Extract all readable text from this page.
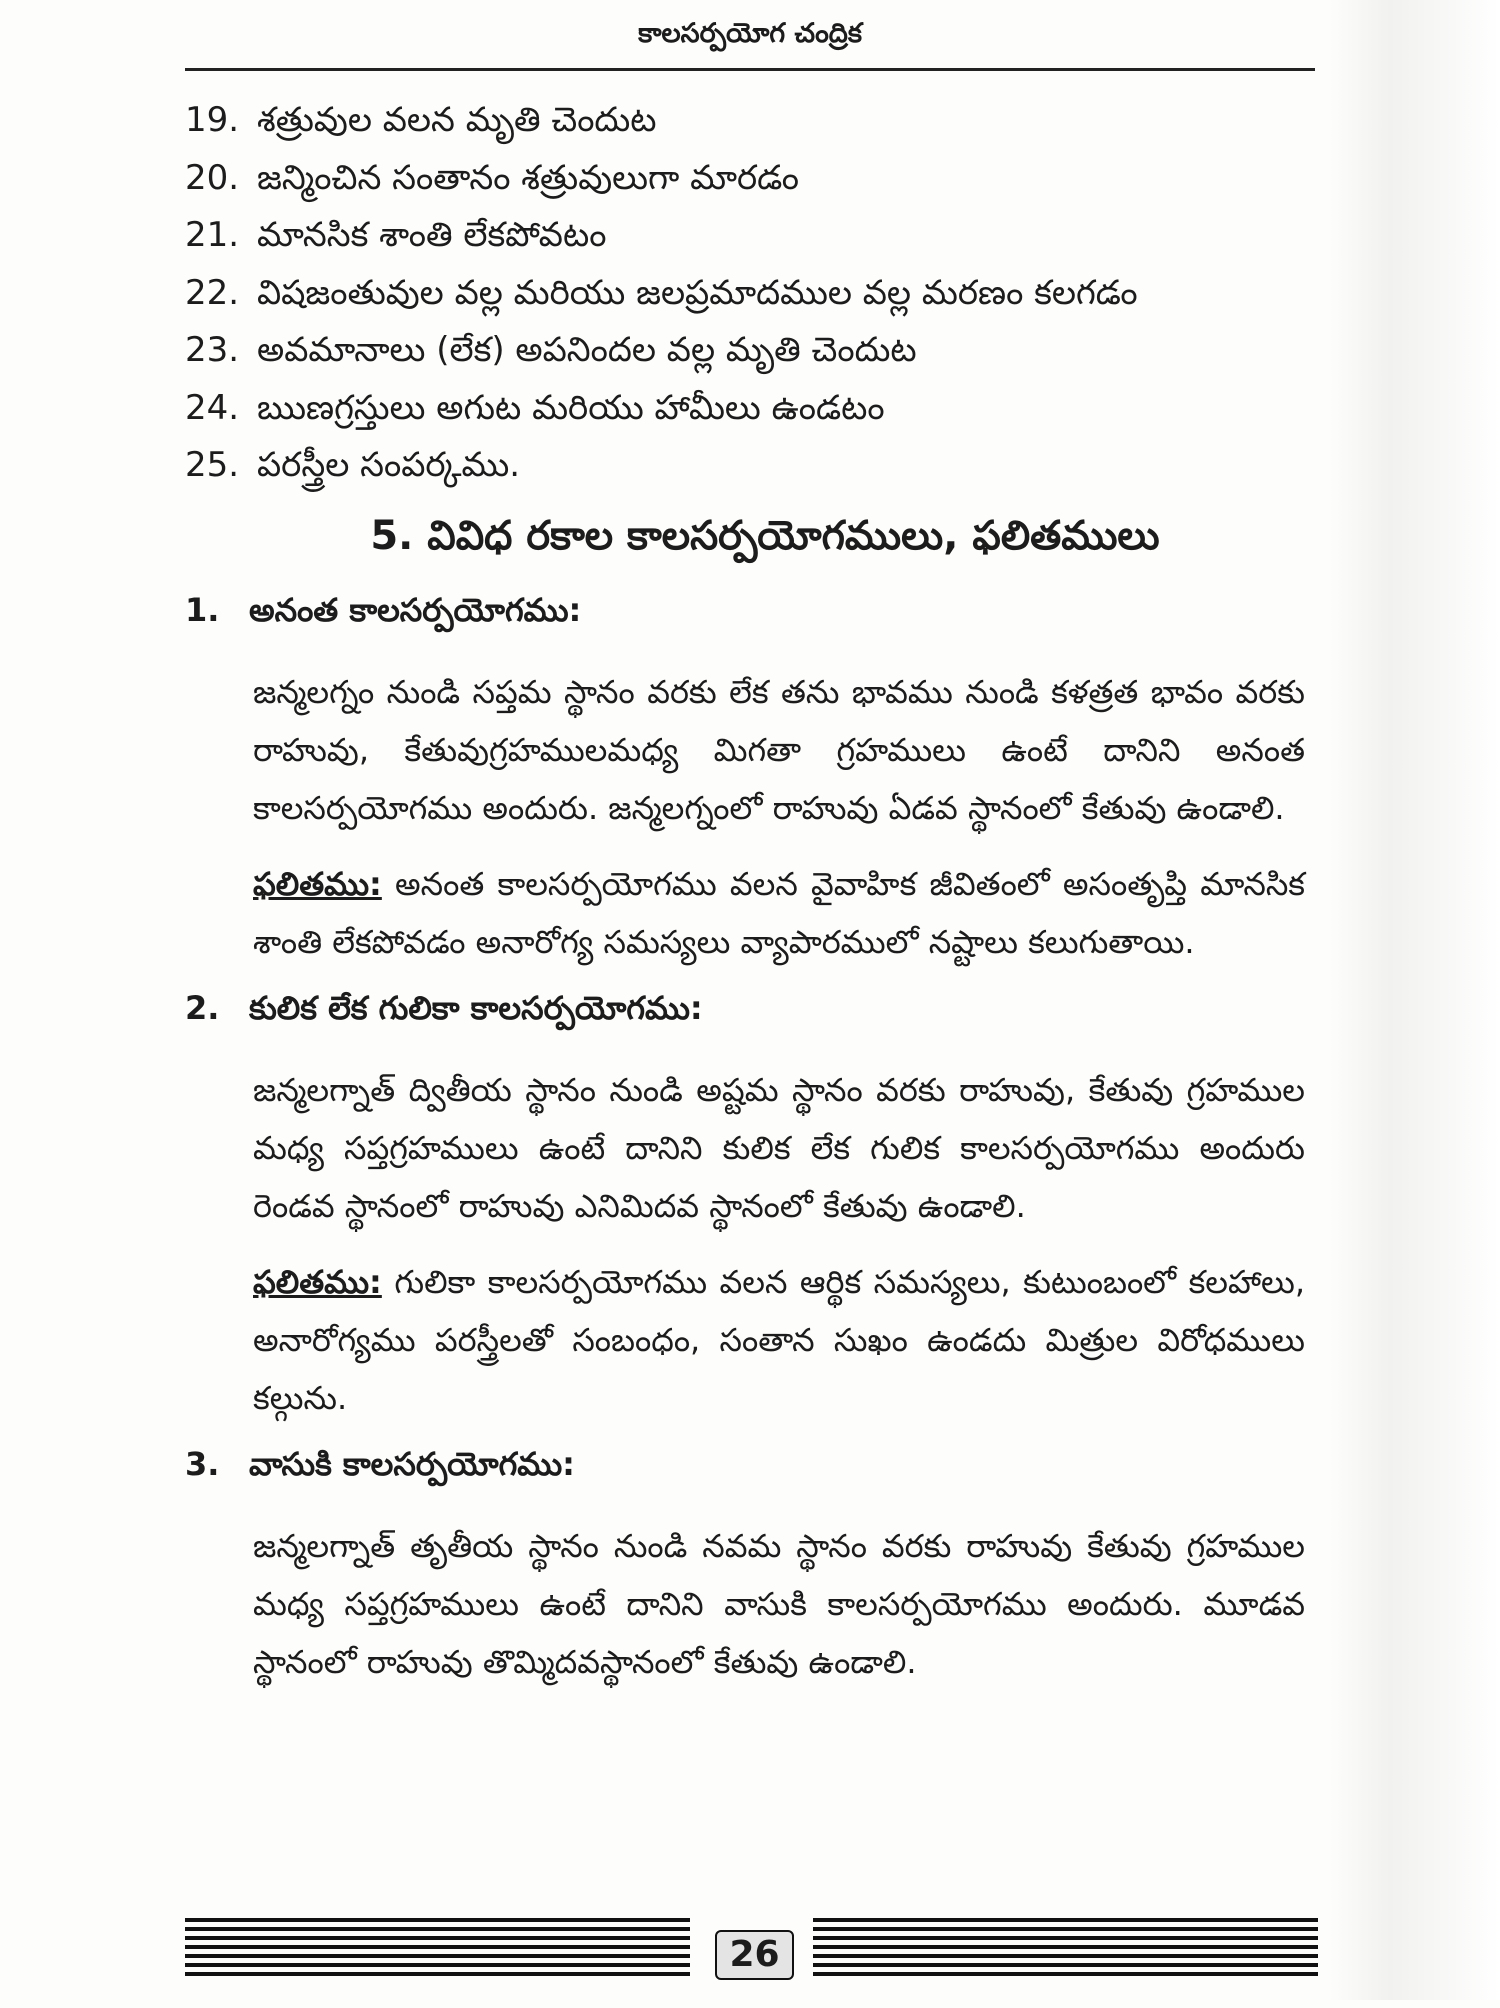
కాలసర్పయోగ చంద్రిక
19. శత్రువుల వలన మృతి చెందుట
20. జన్మించిన సంతానం శత్రువులుగా మారడం
21. మానసిక శాంతి లేకపోవటం
22. విషజంతువుల వల్ల మరియు జలప్రమాదముల వల్ల మరణం కలగడం
23. అవమానాలు (లేక) అపనిందల వల్ల మృతి చెందుట
24. ఋణగ్రస్తులు అగుట మరియు హామీలు ఉండటం
25. పరస్త్రీల సంపర్కము.
5. వివిధ రకాల కాలసర్పయోగములు, ఫలితములు
1. అనంత కాలసర్పయోగము:

జన్మలగ్నం నుండి సప్తమ స్థానం వరకు లేక తను భావము నుండి కళత్రత భావం వరకు రాహువు, కేతువుగ్రహములమధ్య మిగతా గ్రహములు ఉంటే దానిని అనంత కాలసర్పయోగము అందురు. జన్మలగ్నంలో రాహువు ఏడవ స్థానంలో కేతువు ఉండాలి.

ఫలితము: అనంత కాలసర్పయోగము వలన వైవాహిక జీవితంలో అసంతృప్తి మానసిక శాంతి లేకపోవడం అనారోగ్య సమస్యలు వ్యాపారములో నష్టాలు కలుగుతాయి.

2. కులిక లేక గులికా కాలసర్పయోగము:

జన్మలగ్నాత్ ద్వితీయ స్థానం నుండి అష్టమ స్థానం వరకు రాహువు, కేతువు గ్రహముల మధ్య సప్తగ్రహములు ఉంటే దానిని కులిక లేక గులిక కాలసర్పయోగము అందురు రెండవ స్థానంలో రాహువు ఎనిమిదవ స్థానంలో కేతువు ఉండాలి.

ఫలితము: గులికా కాలసర్పయోగము వలన ఆర్థిక సమస్యలు, కుటుంబంలో కలహాలు, అనారోగ్యము పరస్త్రీలతో సంబంధం, సంతాన సుఖం ఉండదు మిత్రుల విరోధములు కల్గును.

3. వాసుకి కాలసర్పయోగము:

జన్మలగ్నాత్ తృతీయ స్థానం నుండి నవమ స్థానం వరకు రాహువు కేతువు గ్రహముల మధ్య సప్తగ్రహములు ఉంటే దానిని వాసుకి కాలసర్పయోగము అందురు. మూడవ స్థానంలో రాహువు తొమ్మిదవస్థానంలో కేతువు ఉండాలి.

26
